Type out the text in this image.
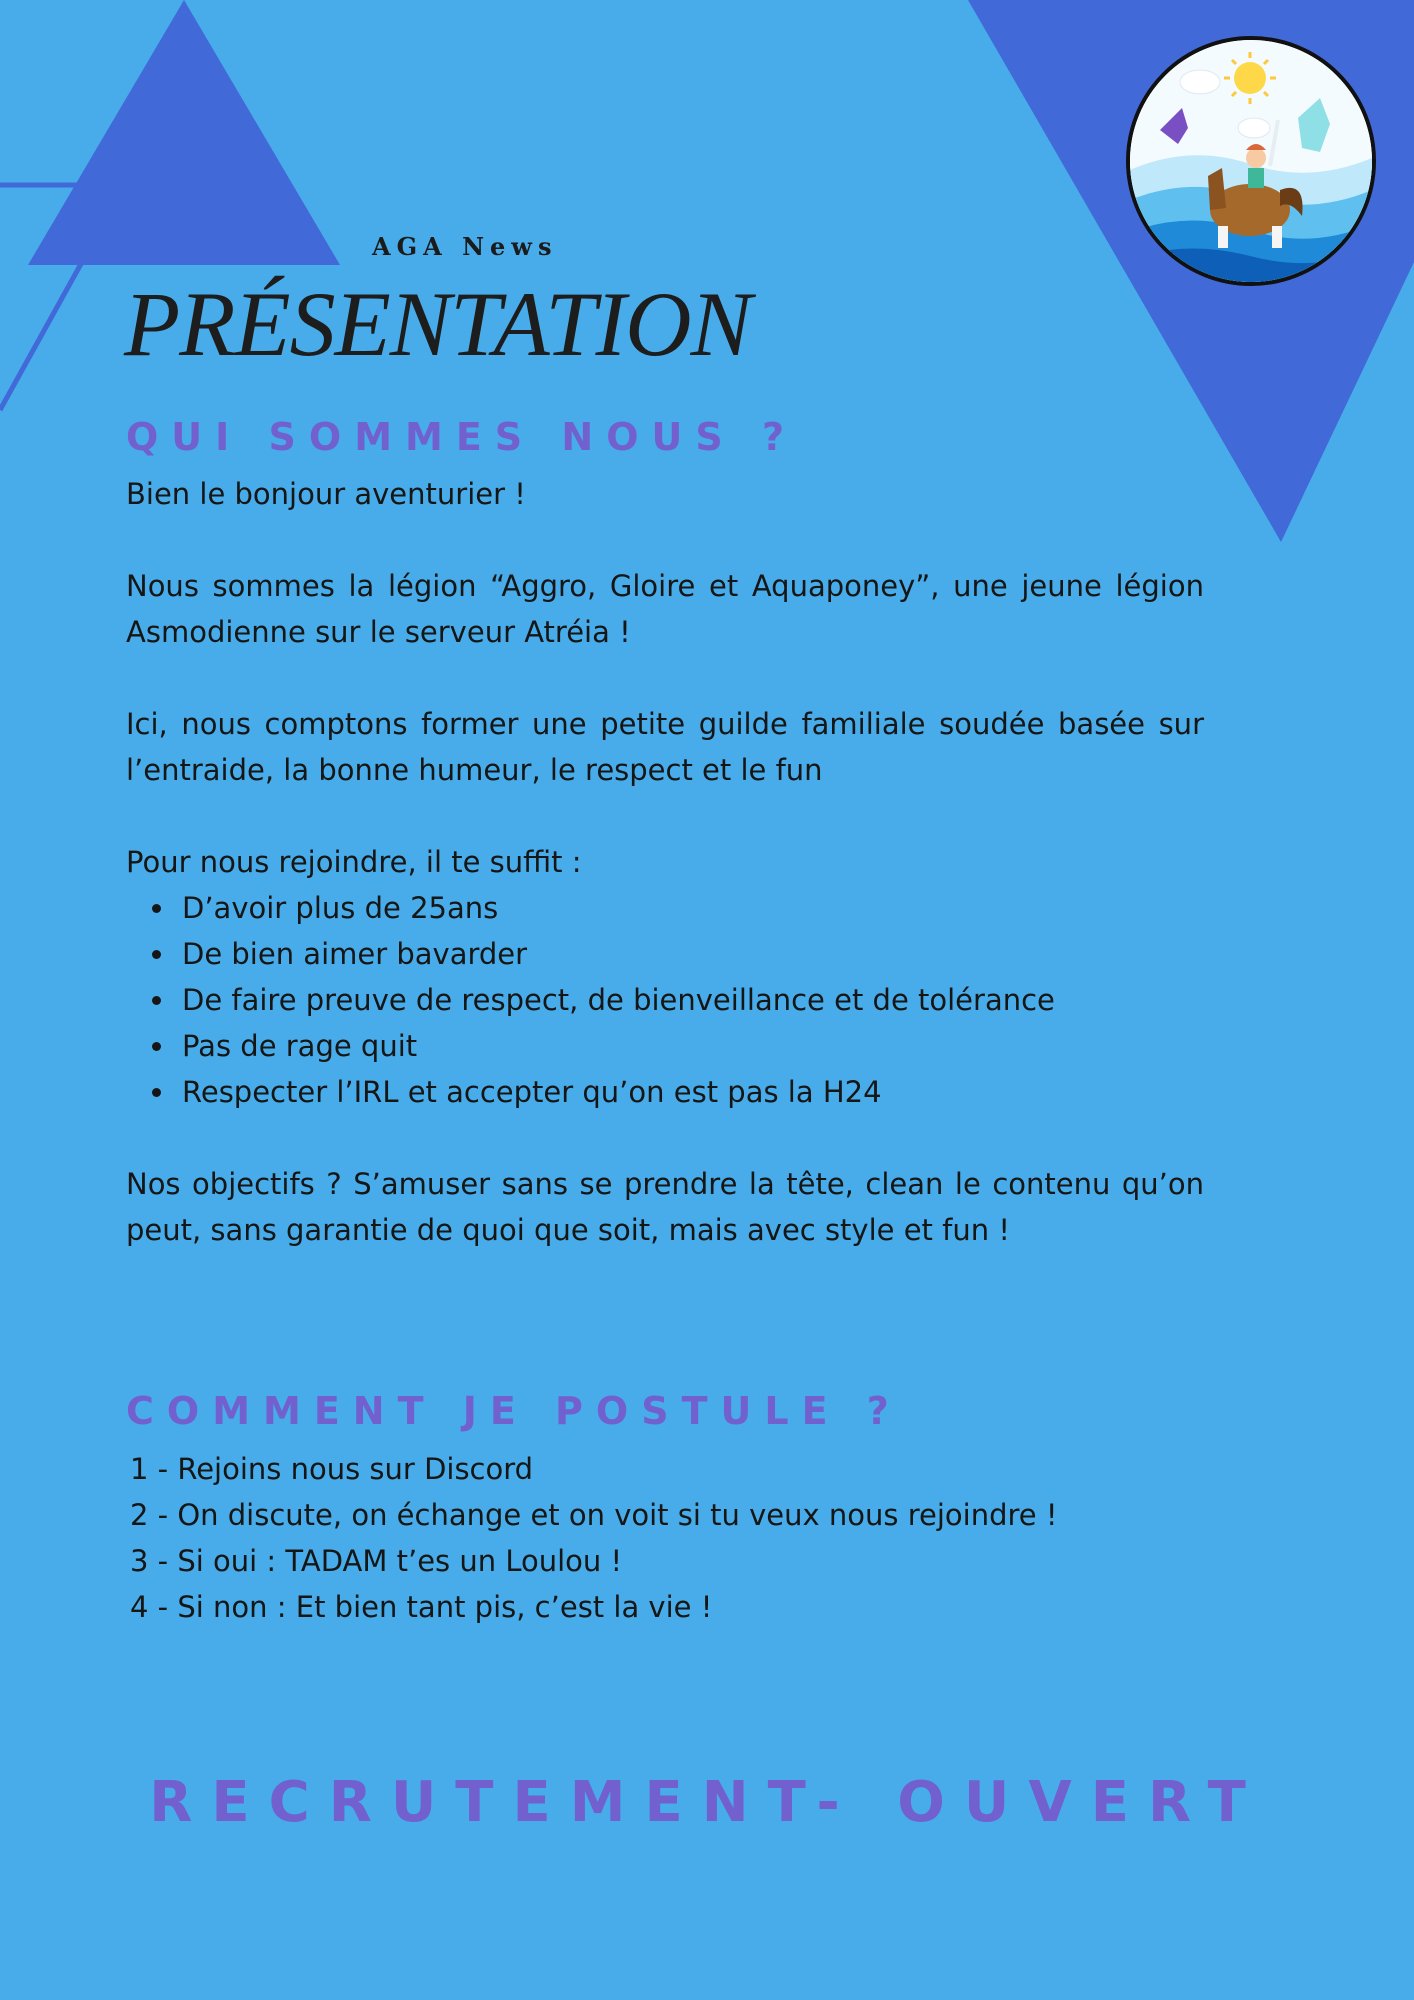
AGA News
PRÉSENTATION
QUI SOMMES NOUS ?

Bien le bonjour aventurier !

Nous sommes la légion “Aggro, Gloire et Aquaponey”, une jeune légion Asmodienne sur le serveur Atréia !

Ici, nous comptons former une petite guilde familiale soudée basée sur l’entraide, la bonne humeur, le respect et le fun

Pour nous rejoindre, il te suffit :

D’avoir plus de 25ans
De bien aimer bavarder
De faire preuve de respect, de bienveillance et de tolérance
Pas de rage quit
Respecter l’IRL et accepter qu’on est pas la H24

Nos objectifs ? S’amuser sans se prendre la tête, clean le contenu qu’on peut, sans garantie de quoi que soit, mais avec style et fun !

COMMENT JE POSTULE ?
1 - Rejoins nous sur Discord
2 - On discute, on échange et on voit si tu veux nous rejoindre !
3 - Si oui : TADAM t’es un Loulou !
4 - Si non : Et bien tant pis, c’est la vie !
RECRUTEMENT- OUVERT
